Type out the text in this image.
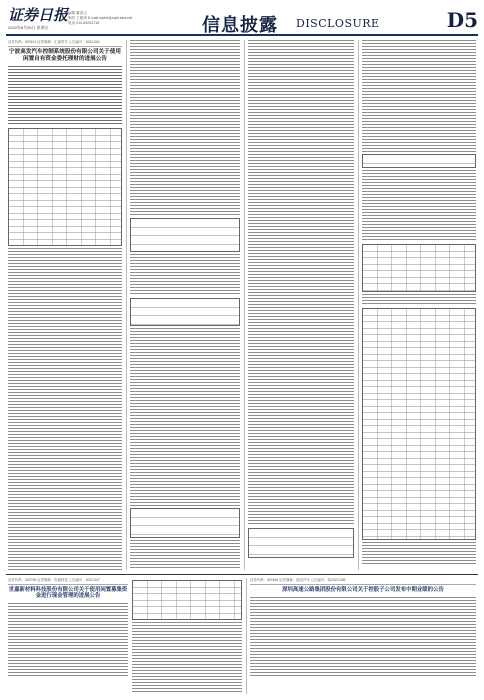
证券日报
2022年8月26日 星期五
编辑 董春云
制作 王敬涛 E-mail:zqrb9@zqrb.sina.net
电话 010-83251716	信息披露 DISCLOSURE	D5
证券代码：603101 证券简称：汇嘉时代 公告编号：2022-061
宁波高发汽车控制系统股份有限公司关于使用闲置自有资金委托理财的进展公告
证券代码：002796 证券简称：世嘉科技 公告编号：2022-047
世嘉新材料科技股份有限公司关于使用闲置募集资金进行现金管理的进展公告
证券代码：600166 证券简称：福田汽车 公告编号：临2022-085
深圳高速公路集团股份有限公司关于控股子公司发布中期业绩的公告
